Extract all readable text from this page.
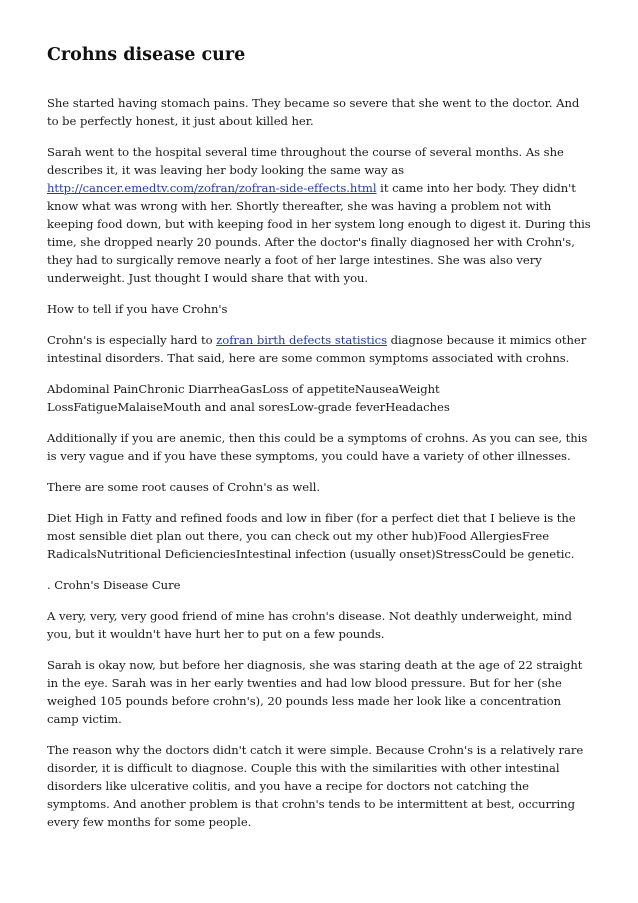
Crohns disease cure

She started having stomach pains. They became so severe that she went to the doctor. And to be perfectly honest, it just about killed her.

Sarah went to the hospital several time throughout the course of several months. As she describes it, it was leaving her body looking the same way as http://cancer.emedtv.com/zofran/zofran-side-effects.html it came into her body. They didn't know what was wrong with her. Shortly thereafter, she was having a problem not with keeping food down, but with keeping food in her system long enough to digest it. During this time, she dropped nearly 20 pounds. After the doctor's finally diagnosed her with Crohn's, they had to surgically remove nearly a foot of her large intestines. She was also very underweight. Just thought I would share that with you.

How to tell if you have Crohn's

Crohn's is especially hard to zofran birth defects statistics diagnose because it mimics other intestinal disorders. That said, here are some common symptoms associated with crohns.

Abdominal PainChronic DiarrheaGasLoss of appetiteNauseaWeight LossFatigueMalaiseMouth and anal soresLow-grade feverHeadaches

Additionally if you are anemic, then this could be a symptoms of crohns. As you can see, this is very vague and if you have these symptoms, you could have a variety of other illnesses.

There are some root causes of Crohn's as well.

Diet High in Fatty and refined foods and low in fiber (for a perfect diet that I believe is the most sensible diet plan out there, you can check out my other hub)Food AllergiesFree RadicalsNutritional DeficienciesIntestinal infection (usually onset)StressCould be genetic.

. Crohn's Disease Cure

A very, very, very good friend of mine has crohn's disease. Not deathly underweight, mind you, but it wouldn't have hurt her to put on a few pounds.

Sarah is okay now, but before her diagnosis, she was staring death at the age of 22 straight in the eye. Sarah was in her early twenties and had low blood pressure. But for her (she weighed 105 pounds before crohn's), 20 pounds less made her look like a concentration camp victim.

The reason why the doctors didn't catch it were simple. Because Crohn's is a relatively rare disorder, it is difficult to diagnose. Couple this with the similarities with other intestinal disorders like ulcerative colitis, and you have a recipe for doctors not catching the symptoms. And another problem is that crohn's tends to be intermittent at best, occurring every few months for some people.
